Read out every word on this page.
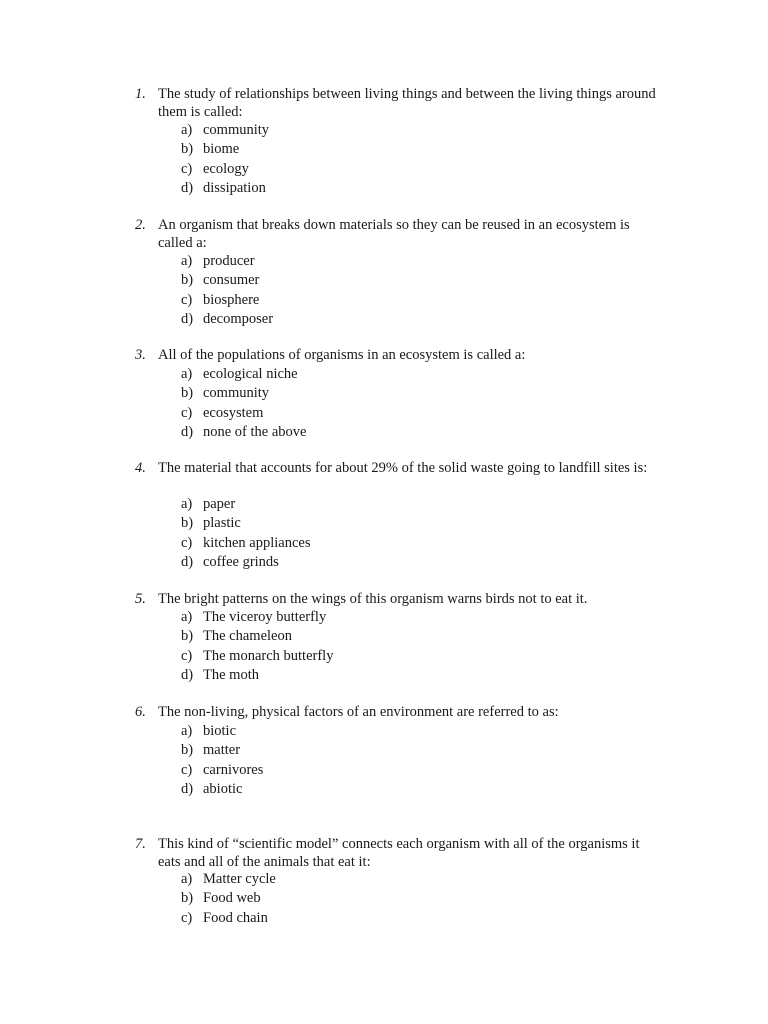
1. The study of relationships between living things and between the living things around them is called:
a) community
b) biome
c) ecology
d) dissipation
2. An organism that breaks down materials so they can be reused in an ecosystem is called a:
a) producer
b) consumer
c) biosphere
d) decomposer
3. All of the populations of organisms in an ecosystem is called a:
a) ecological niche
b) community
c) ecosystem
d) none of the above
4. The material that accounts for about 29% of the solid waste going to landfill sites is:
a) paper
b) plastic
c) kitchen appliances
d) coffee grinds
5. The bright patterns on the wings of this organism warns birds not to eat it.
a) The viceroy butterfly
b) The chameleon
c) The monarch butterfly
d) The moth
6. The non-living, physical factors of an environment are referred to as:
a) biotic
b) matter
c) carnivores
d) abiotic
7. This kind of “scientific model” connects each organism with all of the organisms it eats and all of the animals that eat it:
a) Matter cycle
b) Food web
c) Food chain
